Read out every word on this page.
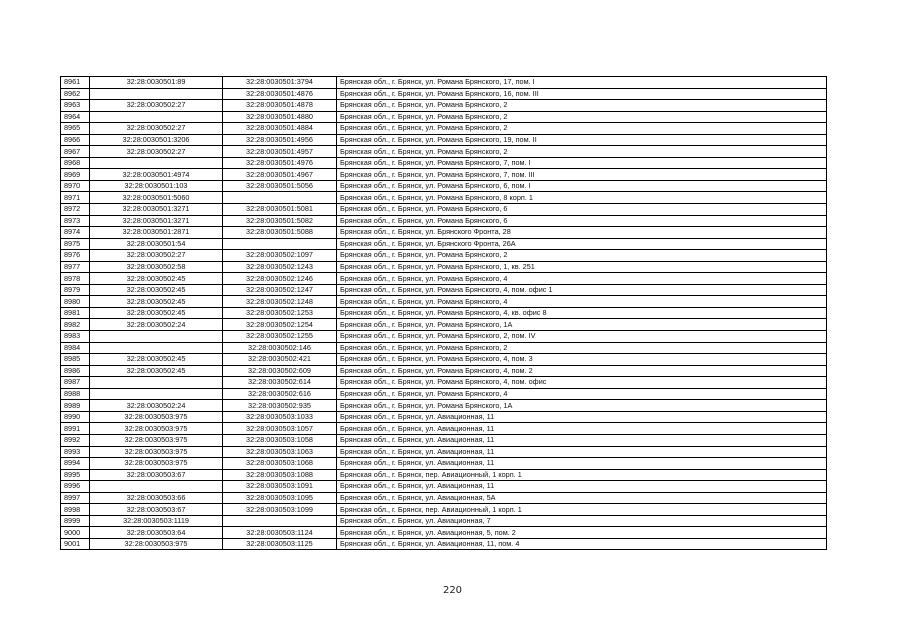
8961	32:28:0030501:89	32:28:0030501:3794	Брянская обл., г. Брянск, ул. Романа Брянского, 17, пом. I
8962		32:28:0030501:4876	Брянская обл., г. Брянск, ул. Романа Брянского, 16, пом. III
8963	32:28:0030502:27	32:28:0030501:4878	Брянская обл., г. Брянск, ул. Романа Брянского, 2
8964		32:28:0030501:4880	Брянская обл., г. Брянск, ул. Романа Брянского, 2
8965	32:28:0030502:27	32:28:0030501:4884	Брянская обл., г. Брянск, ул. Романа Брянского, 2
8966	32:28:0030501:3206	32:28:0030501:4956	Брянская обл., г. Брянск, ул. Романа Брянского, 19, пом. II
8967	32:28:0030502:27	32:28:0030501:4957	Брянская обл., г. Брянск, ул. Романа Брянского, 2
8968		32:28:0030501:4976	Брянская обл., г. Брянск, ул. Романа Брянского, 7, пом. I
8969	32:28:0030501:4974	32:28:0030501:4967	Брянская обл., г. Брянск, ул. Романа Брянского, 7, пом. III
8970	32:28:0030501:103	32:28:0030501:5056	Брянская обл., г. Брянск, ул. Романа Брянского, 6, пом. I
8971	32:28:0030501:5060		Брянская обл., г. Брянск, ул. Романа Брянского, 8 корп. 1
8972	32:28:0030501:3271	32:28:0030501:5081	Брянская обл., г. Брянск, ул. Романа Брянского, 6
8973	32:28:0030501:3271	32:28:0030501:5082	Брянская обл., г. Брянск, ул. Романа Брянского, 6
8974	32:28:0030501:2871	32:28:0030501:5088	Брянская обл., г. Брянск, ул. Брянского Фронта, 28
8975	32:28:0030501:54		Брянская обл., г. Брянск, ул. Брянского Фронта, 26А
8976	32:28:0030502:27	32:28:0030502:1097	Брянская обл., г. Брянск, ул. Романа Брянского, 2
8977	32:28:0030502:58	32:28:0030502:1243	Брянская обл., г. Брянск, ул. Романа Брянского, 1, кв. 251
8978	32:28:0030502:45	32:28:0030502:1246	Брянская обл., г. Брянск, ул. Романа Брянского, 4
8979	32:28:0030502:45	32:28:0030502:1247	Брянская обл., г. Брянск, ул. Романа Брянского, 4, пом. офис 1
8980	32:28:0030502:45	32:28:0030502:1248	Брянская обл., г. Брянск, ул. Романа Брянского, 4
8981	32:28:0030502:45	32:28:0030502:1253	Брянская обл., г. Брянск, ул. Романа Брянского, 4, кв. офис 8
8982	32:28:0030502:24	32:28:0030502:1254	Брянская обл., г. Брянск, ул. Романа Брянского, 1А
8983		32:28:0030502:1255	Брянская обл., г. Брянск, ул. Романа Брянского, 2, пом. IV
8984		32:28:0030502:146	Брянская обл., г. Брянск, ул. Романа Брянского, 2
8985	32:28:0030502:45	32:28:0030502:421	Брянская обл., г. Брянск, ул. Романа Брянского, 4, пом. 3
8986	32:28:0030502:45	32:28:0030502:609	Брянская обл., г. Брянск, ул. Романа Брянского, 4, пом. 2
8987		32:28:0030502:614	Брянская обл., г. Брянск, ул. Романа Брянского, 4, пом. офис
8988		32:28:0030502:616	Брянская обл., г. Брянск, ул. Романа Брянского, 4
8989	32:28:0030502:24	32:28:0030502:935	Брянская обл., г. Брянск, ул. Романа Брянского, 1А
8990	32:28:0030503:975	32:28:0030503:1033	Брянская обл., г. Брянск, ул. Авиационная, 11
8991	32:28:0030503:975	32:28:0030503:1057	Брянская обл., г. Брянск, ул. Авиационная, 11
8992	32:28:0030503:975	32:28:0030503:1058	Брянская обл., г. Брянск, ул. Авиационная, 11
8993	32:28:0030503:975	32:28:0030503:1063	Брянская обл., г. Брянск, ул. Авиационная, 11
8994	32:28:0030503:975	32:28:0030503:1068	Брянская обл., г. Брянск, ул. Авиационная, 11
8995	32:28:0030503:67	32:28:0030503:1088	Брянская обл., г. Брянск, пер. Авиационный, 1 корп. 1
8996		32:28:0030503:1091	Брянская обл., г. Брянск, ул. Авиационная, 11
8997	32:28:0030503:66	32:28:0030503:1095	Брянская обл., г. Брянск, ул. Авиационная, 5А
8998	32:28:0030503:67	32:28:0030503:1099	Брянская обл., г. Брянск, пер. Авиационный, 1 корп. 1
8999	32:28:0030503:1119		Брянская обл., г. Брянск, ул. Авиационная, 7
9000	32:28:0030503:64	32:28:0030503:1124	Брянская обл., г. Брянск, ул. Авиационная, 5, пом. 2
9001	32:28:0030503:975	32:28:0030503:1125	Брянская обл., г. Брянск, ул. Авиационная, 11, пом. 4
220
